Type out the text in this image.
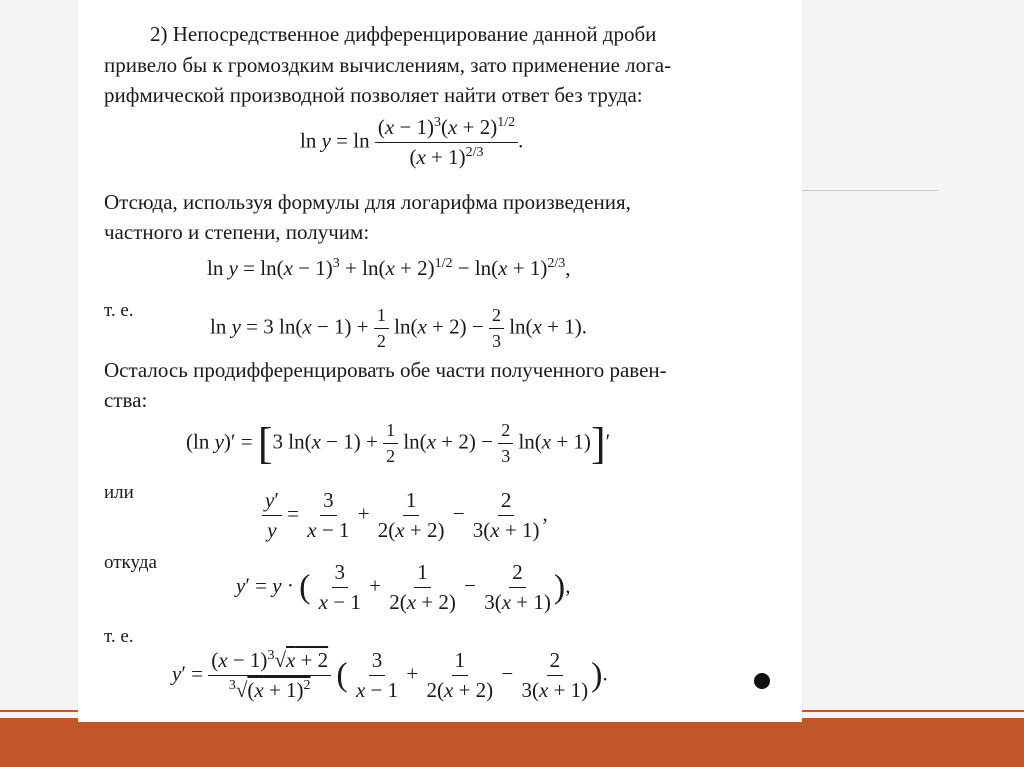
2) Непосредственное дифференцирование данной дроби
привело бы к громоздким вычислениям, зато применение лога-
рифмической производной позволяет найти ответ без труда:
$\ln y = \ln \frac{(x - 1)^3(x + 2)^{1/2}}{(x + 1)^{2/3}}$ .
Отсюда, используя формулы для логарифма произведения,
частного и степени, получим:
$\ln y = \ln(x - 1)^3 + \ln(x + 2)^{1/2} - \ln(x + 1)^{2/3}$,
т. е.
ln y = 3 $\ln(x - 1) + \frac{1}{2} \ln(x + 2) - \frac{2}{3} \ln(x + 1)$.
Осталось продифференцировать обе части полученного равен-
ства:
(ln y)′ = [3 $\ln(x - 1) + \frac{1}{2} \ln(x + 2) - \frac{2}{3} \ln(x + 1)]'$
или	$\frac{y'}{y} = \frac{3}{x - 1} + \frac{1}{2(x + 2)} - \frac{2}{3(x + 1)}$ ,
откуда
y′ = y · ( $\frac{3}{x - 1} + \frac{1}{2(x + 2)} - \frac{2}{3(x + 1)}$ ),
т. е.
$y' = \frac{(x - 1)^3√x + 2}{^3√(x + 1)^2}$ ( $\frac{3}{x - 1} + \frac{1}{2(x + 2)} - \frac{2}{3(x + 1)}$ ).
